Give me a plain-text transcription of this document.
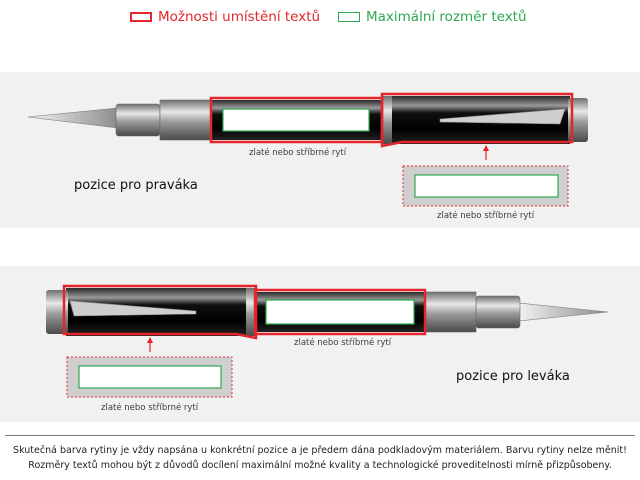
Možnosti umístění textů	Maximální rozměr textů
zlaté nebo stříbrné rytí
pozice pro praváka
zlaté nebo stříbrné rytí
zlaté nebo stříbrné rytí
pozice pro leváka
zlaté nebo stříbrné rytí
Skutečná barva rytiny je vždy napsána u konkrétní pozice a je předem dána podkladovým materiálem. Barvu rytiny nelze měnit!
Rozměry textů mohou být z důvodů docílení maximální možné kvality a technologické proveditelnosti mírně přizpůsobeny.
